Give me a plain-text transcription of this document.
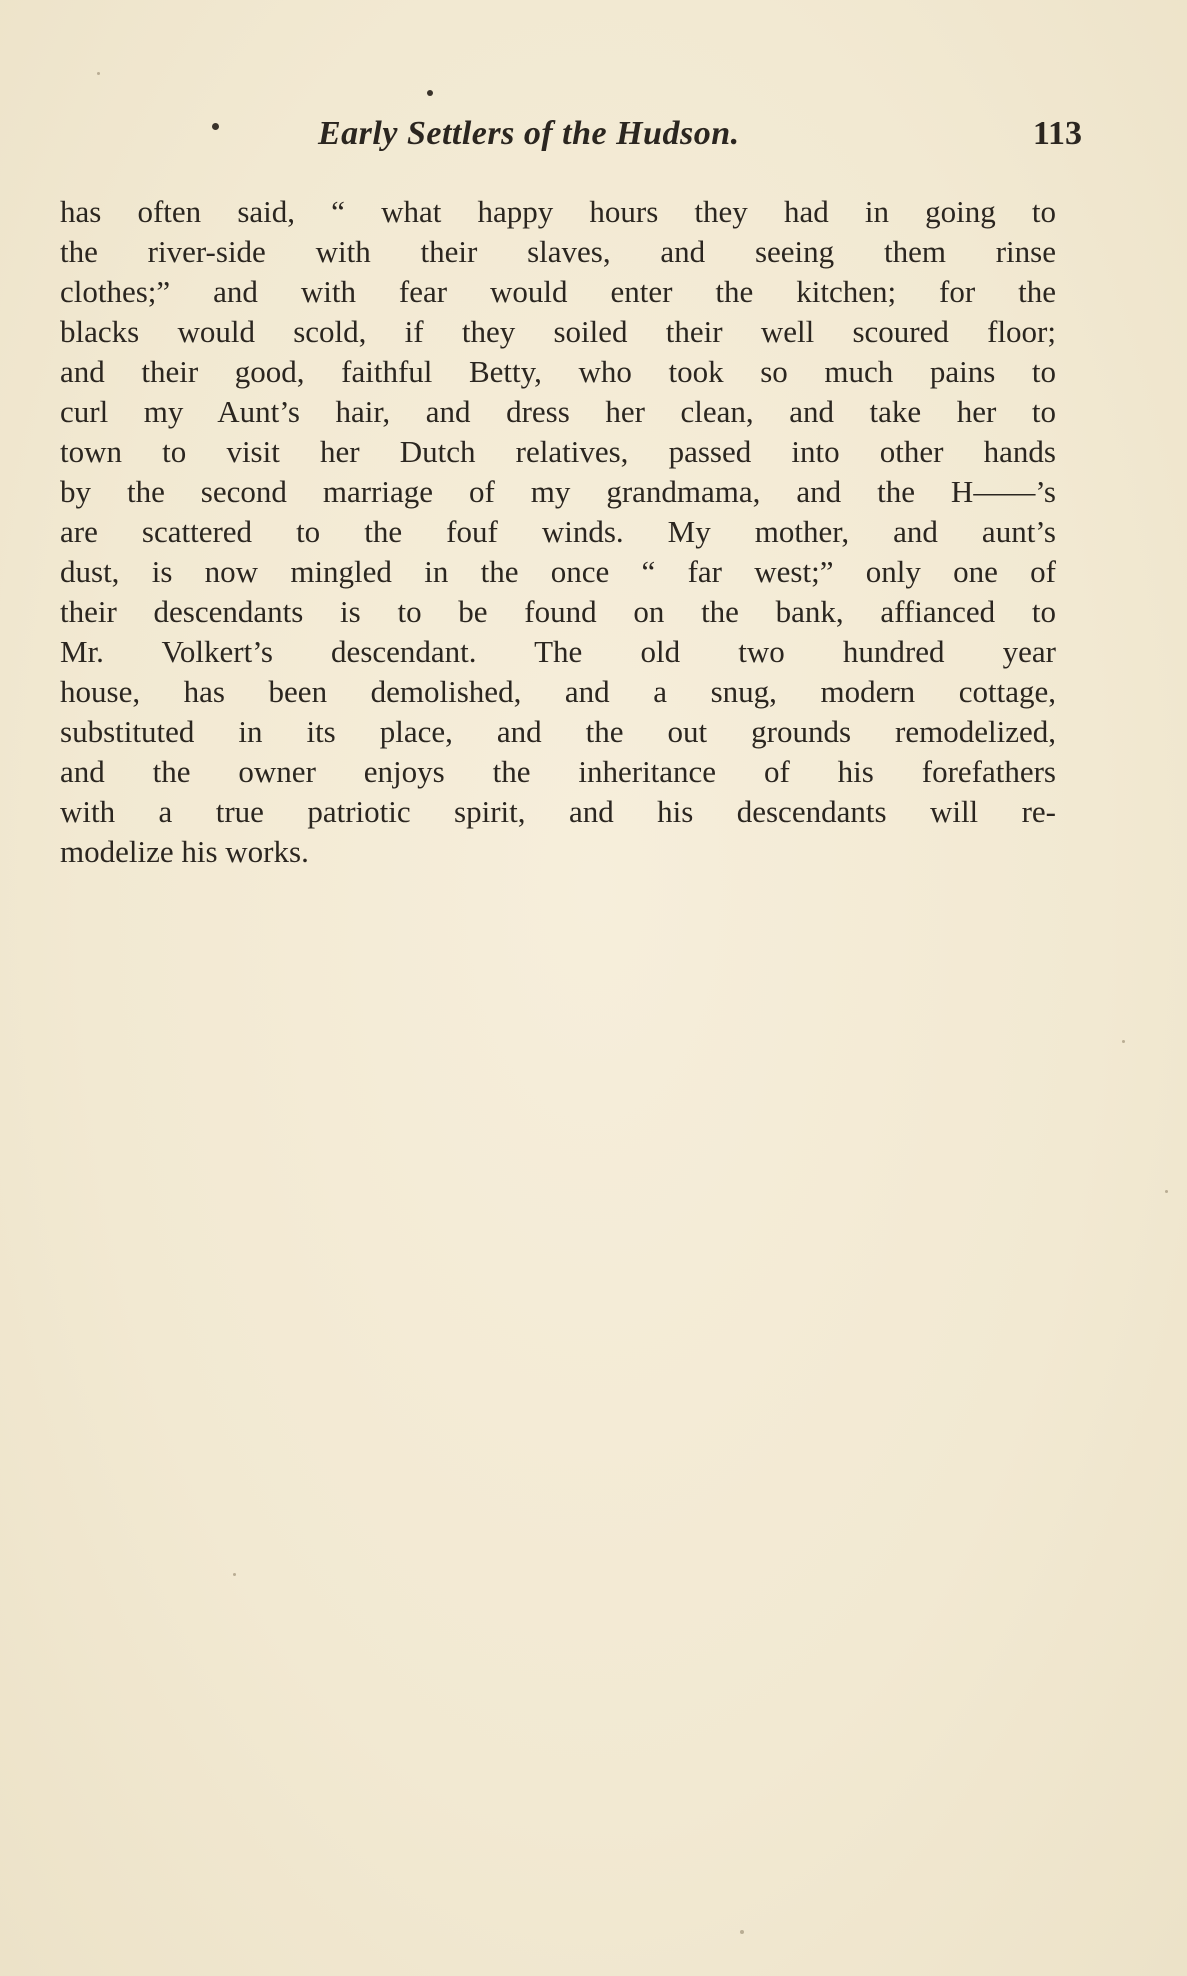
Early Settlers of the Hudson.	113
has often said, “ what happy hours they had in going to
the river-side with their slaves, and seeing them rinse
clothes;” and with fear would enter the kitchen; for the
blacks would scold, if they soiled their well scoured floor;
and their good, faithful Betty, who took so much pains to
curl my Aunt’s hair, and dress her clean, and take her to
town to visit her Dutch relatives, passed into other hands
by the second marriage of my grandmama, and the H——’s
are scattered to the fouf winds. My mother, and aunt’s
dust, is now mingled in the once “ far west;” only one of
their descendants is to be found on the bank, affianced to
Mr. Volkert’s descendant. The old two hundred year
house, has been demolished, and a snug, modern cottage,
substituted in its place, and the out grounds remodelized,
and the owner enjoys the inheritance of his forefathers
with a true patriotic spirit, and his descendants will re-
modelize his works.
